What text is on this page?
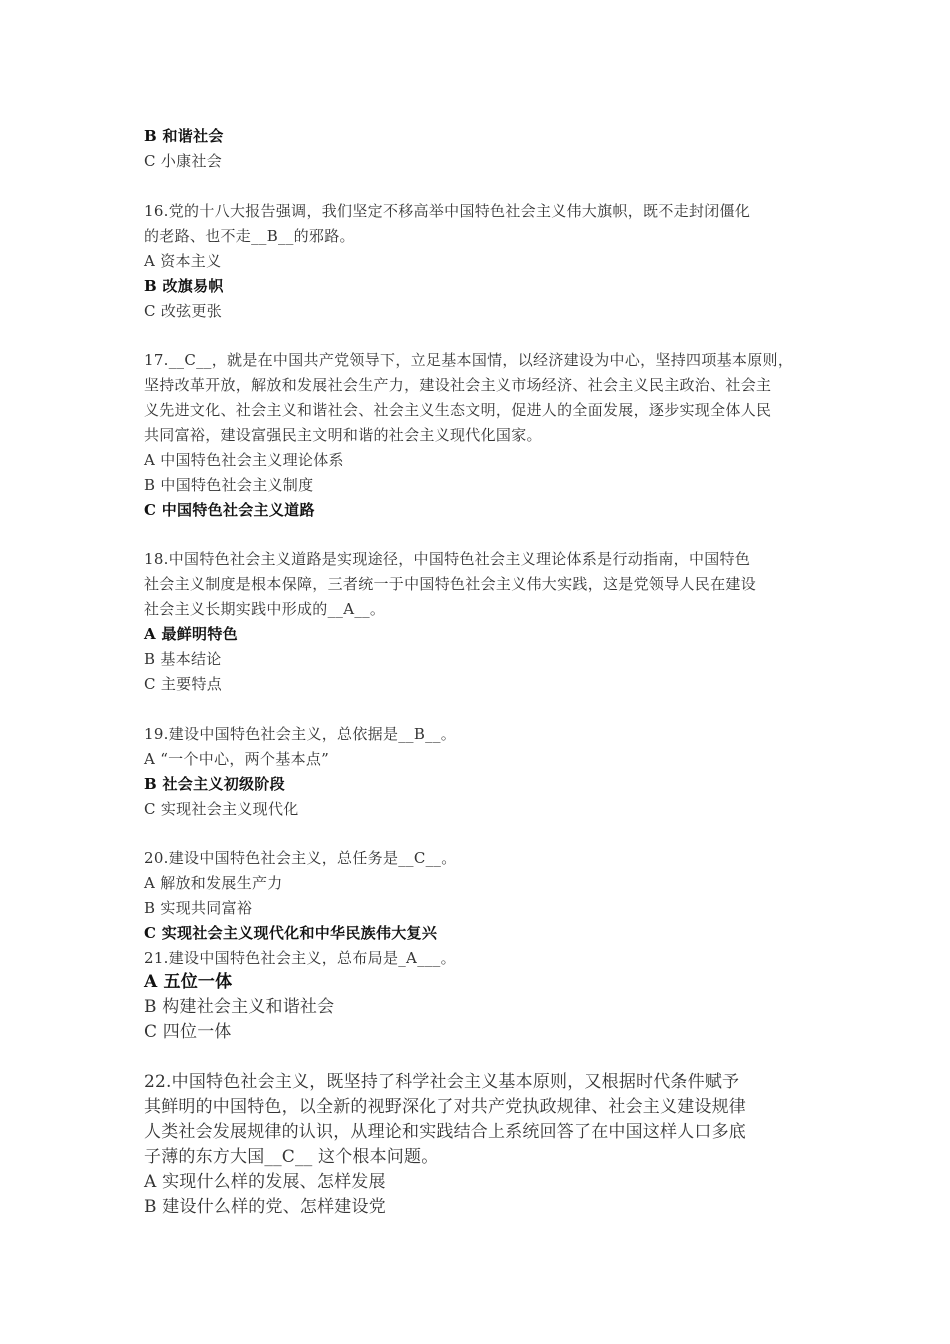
B 和谐社会
C 小康社会
16.党的十八大报告强调，我们坚定不移高举中国特色社会主义伟大旗帜，既不走封闭僵化
的老路、也不走__B__的邪路。
A 资本主义
B 改旗易帜
C 改弦更张
17.__C__，就是在中国共产党领导下，立足基本国情，以经济建设为中心，坚持四项基本原则，
坚持改革开放，解放和发展社会生产力，建设社会主义市场经济、社会主义民主政治、社会主
义先进文化、社会主义和谐社会、社会主义生态文明，促进人的全面发展，逐步实现全体人民
共同富裕，建设富强民主文明和谐的社会主义现代化国家。
A 中国特色社会主义理论体系
B 中国特色社会主义制度
C 中国特色社会主义道路
18.中国特色社会主义道路是实现途径，中国特色社会主义理论体系是行动指南，中国特色
社会主义制度是根本保障，三者统一于中国特色社会主义伟大实践，这是党领导人民在建设
社会主义长期实践中形成的__A__。
A 最鲜明特色
B 基本结论
C 主要特点
19.建设中国特色社会主义，总依据是__B__。
A “一个中心，两个基本点”
B 社会主义初级阶段
C 实现社会主义现代化
20.建设中国特色社会主义，总任务是__C__。
A 解放和发展生产力
B 实现共同富裕
C 实现社会主义现代化和中华民族伟大复兴
21.建设中国特色社会主义，总布局是_A___。
A 五位一体
B 构建社会主义和谐社会
C 四位一体
22.中国特色社会主义，既坚持了科学社会主义基本原则，又根据时代条件赋予
其鲜明的中国特色，以全新的视野深化了对共产党执政规律、社会主义建设规律
人类社会发展规律的认识，从理论和实践结合上系统回答了在中国这样人口多底
子薄的东方大国__C__ 这个根本问题。
A 实现什么样的发展、怎样发展
B 建设什么样的党、怎样建设党
